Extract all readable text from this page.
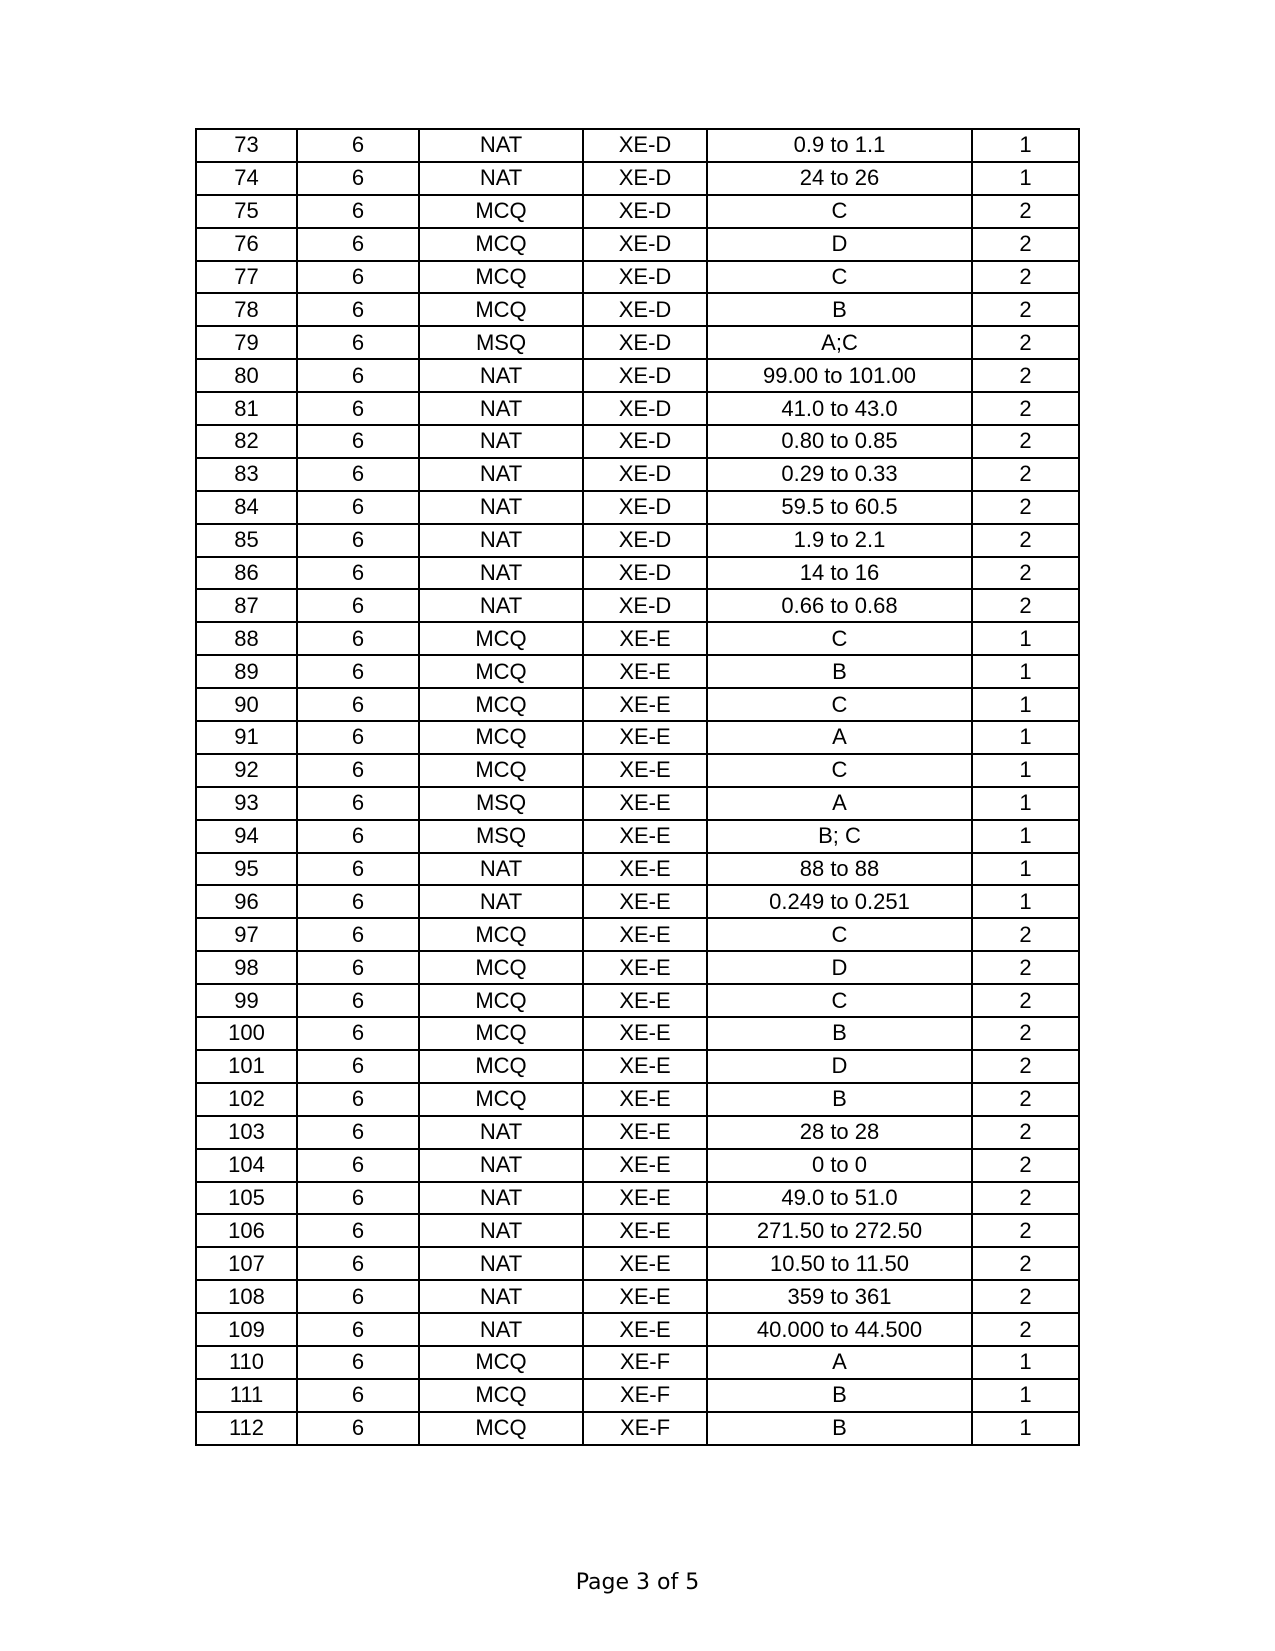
73	6	NAT	XE-D	0.9 to 1.1	1
74	6	NAT	XE-D	24 to 26	1
75	6	MCQ	XE-D	C	2
76	6	MCQ	XE-D	D	2
77	6	MCQ	XE-D	C	2
78	6	MCQ	XE-D	B	2
79	6	MSQ	XE-D	A;C	2
80	6	NAT	XE-D	99.00 to 101.00	2
81	6	NAT	XE-D	41.0 to 43.0	2
82	6	NAT	XE-D	0.80 to 0.85	2
83	6	NAT	XE-D	0.29 to 0.33	2
84	6	NAT	XE-D	59.5 to 60.5	2
85	6	NAT	XE-D	1.9 to 2.1	2
86	6	NAT	XE-D	14 to 16	2
87	6	NAT	XE-D	0.66 to 0.68	2
88	6	MCQ	XE-E	C	1
89	6	MCQ	XE-E	B	1
90	6	MCQ	XE-E	C	1
91	6	MCQ	XE-E	A	1
92	6	MCQ	XE-E	C	1
93	6	MSQ	XE-E	A	1
94	6	MSQ	XE-E	B; C	1
95	6	NAT	XE-E	88 to 88	1
96	6	NAT	XE-E	0.249 to 0.251	1
97	6	MCQ	XE-E	C	2
98	6	MCQ	XE-E	D	2
99	6	MCQ	XE-E	C	2
100	6	MCQ	XE-E	B	2
101	6	MCQ	XE-E	D	2
102	6	MCQ	XE-E	B	2
103	6	NAT	XE-E	28 to 28	2
104	6	NAT	XE-E	0 to 0	2
105	6	NAT	XE-E	49.0 to 51.0	2
106	6	NAT	XE-E	271.50 to 272.50	2
107	6	NAT	XE-E	10.50 to 11.50	2
108	6	NAT	XE-E	359 to 361	2
109	6	NAT	XE-E	40.000 to 44.500	2
110	6	MCQ	XE-F	A	1
111	6	MCQ	XE-F	B	1
112	6	MCQ	XE-F	B	1
Page 3 of 5
